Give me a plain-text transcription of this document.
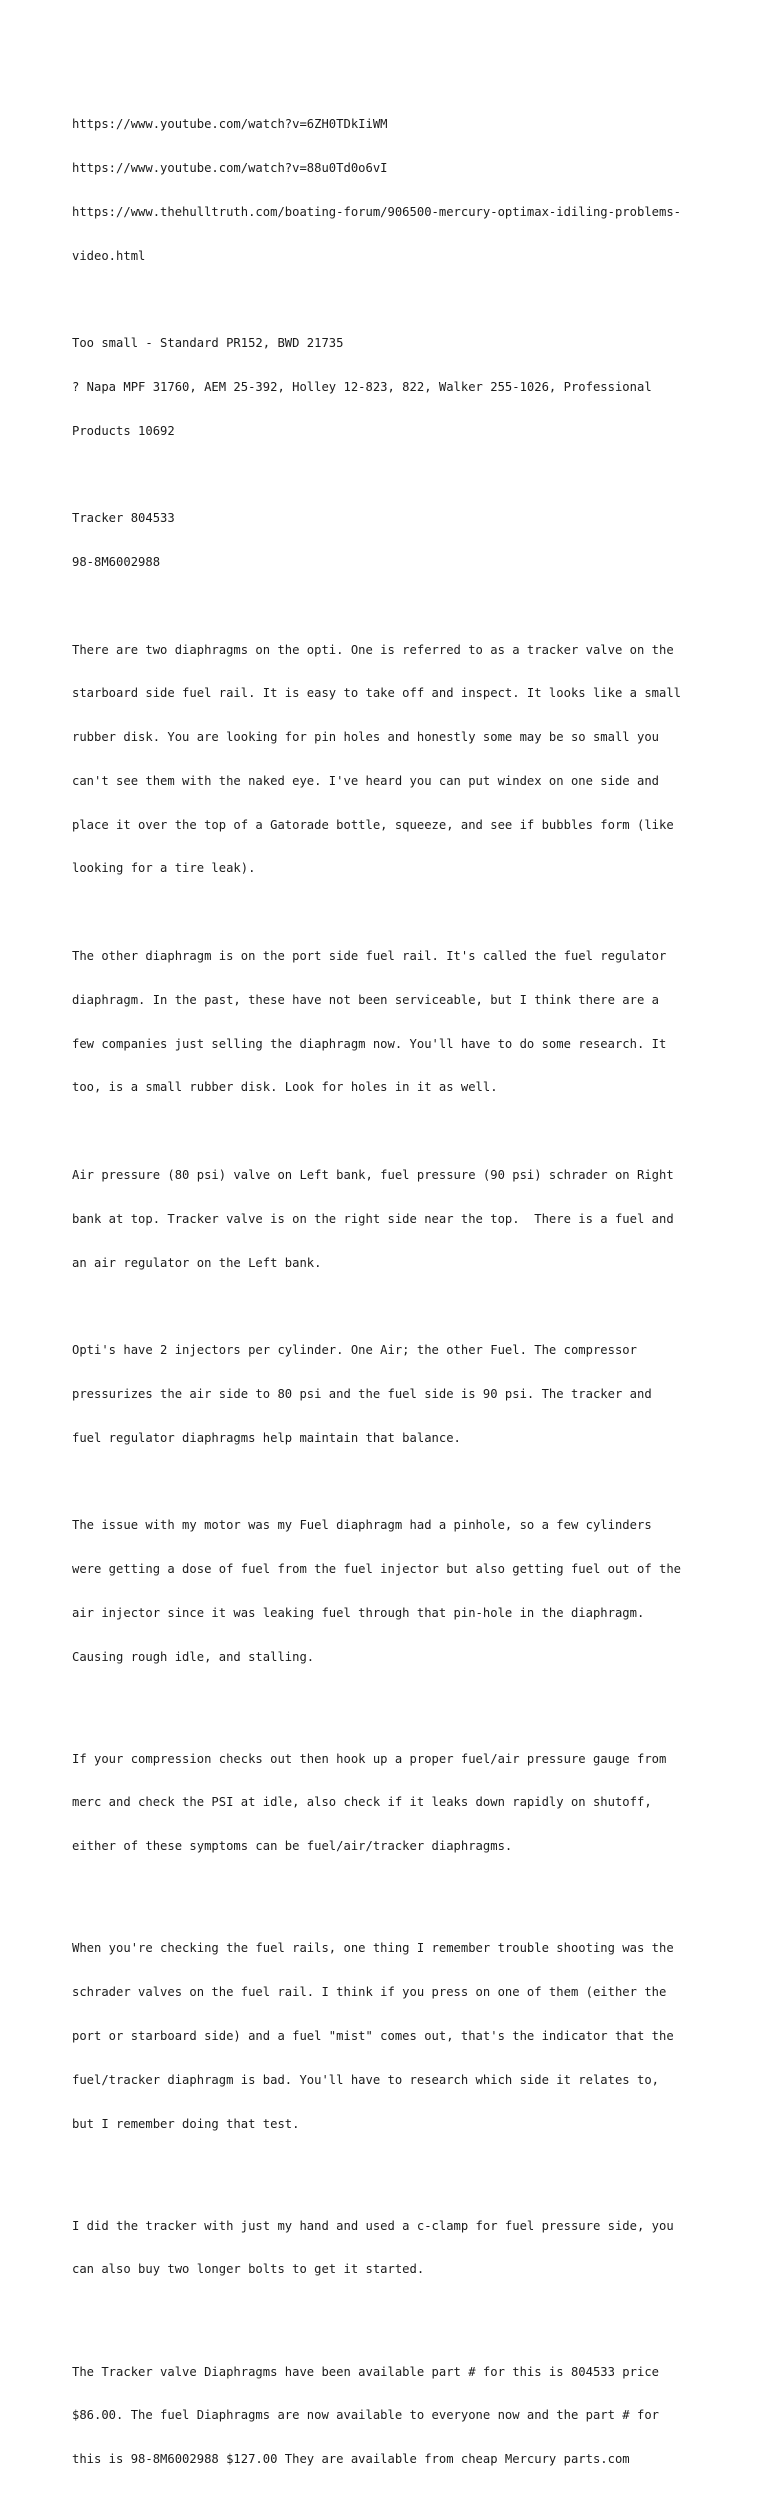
https://www.youtube.com/watch?v=6ZH0TDkIiWM

https://www.youtube.com/watch?v=88u0Td0o6vI

https://www.thehulltruth.com/boating-forum/906500-mercury-optimax-idiling-problems-

video.html

Too small - Standard PR152, BWD 21735

? Napa MPF 31760, AEM 25-392, Holley 12-823, 822, Walker 255-1026, Professional

Products 10692

Tracker 804533

98-8M6002988

There are two diaphragms on the opti. One is referred to as a tracker valve on the

starboard side fuel rail. It is easy to take off and inspect. It looks like a small

rubber disk. You are looking for pin holes and honestly some may be so small you

can't see them with the naked eye. I've heard you can put windex on one side and

place it over the top of a Gatorade bottle, squeeze, and see if bubbles form (like

looking for a tire leak).

The other diaphragm is on the port side fuel rail. It's called the fuel regulator

diaphragm. In the past, these have not been serviceable, but I think there are a

few companies just selling the diaphragm now. You'll have to do some research. It

too, is a small rubber disk. Look for holes in it as well.

Air pressure (80 psi) valve on Left bank, fuel pressure (90 psi) schrader on Right

bank at top. Tracker valve is on the right side near the top.  There is a fuel and

an air regulator on the Left bank.

Opti's have 2 injectors per cylinder. One Air; the other Fuel. The compressor

pressurizes the air side to 80 psi and the fuel side is 90 psi. The tracker and

fuel regulator diaphragms help maintain that balance.

The issue with my motor was my Fuel diaphragm had a pinhole, so a few cylinders

were getting a dose of fuel from the fuel injector but also getting fuel out of the

air injector since it was leaking fuel through that pin-hole in the diaphragm.

Causing rough idle, and stalling.

If your compression checks out then hook up a proper fuel/air pressure gauge from

merc and check the PSI at idle, also check if it leaks down rapidly on shutoff,

either of these symptoms can be fuel/air/tracker diaphragms.

When you're checking the fuel rails, one thing I remember trouble shooting was the

schrader valves on the fuel rail. I think if you press on one of them (either the

port or starboard side) and a fuel "mist" comes out, that's the indicator that the

fuel/tracker diaphragm is bad. You'll have to research which side it relates to,

but I remember doing that test.

I did the tracker with just my hand and used a c-clamp for fuel pressure side, you

can also buy two longer bolts to get it started.

The Tracker valve Diaphragms have been available part # for this is 804533 price

$86.00. The fuel Diaphragms are now available to everyone now and the part # for

this is 98-8M6002988 $127.00 They are available from cheap Mercury parts.com
